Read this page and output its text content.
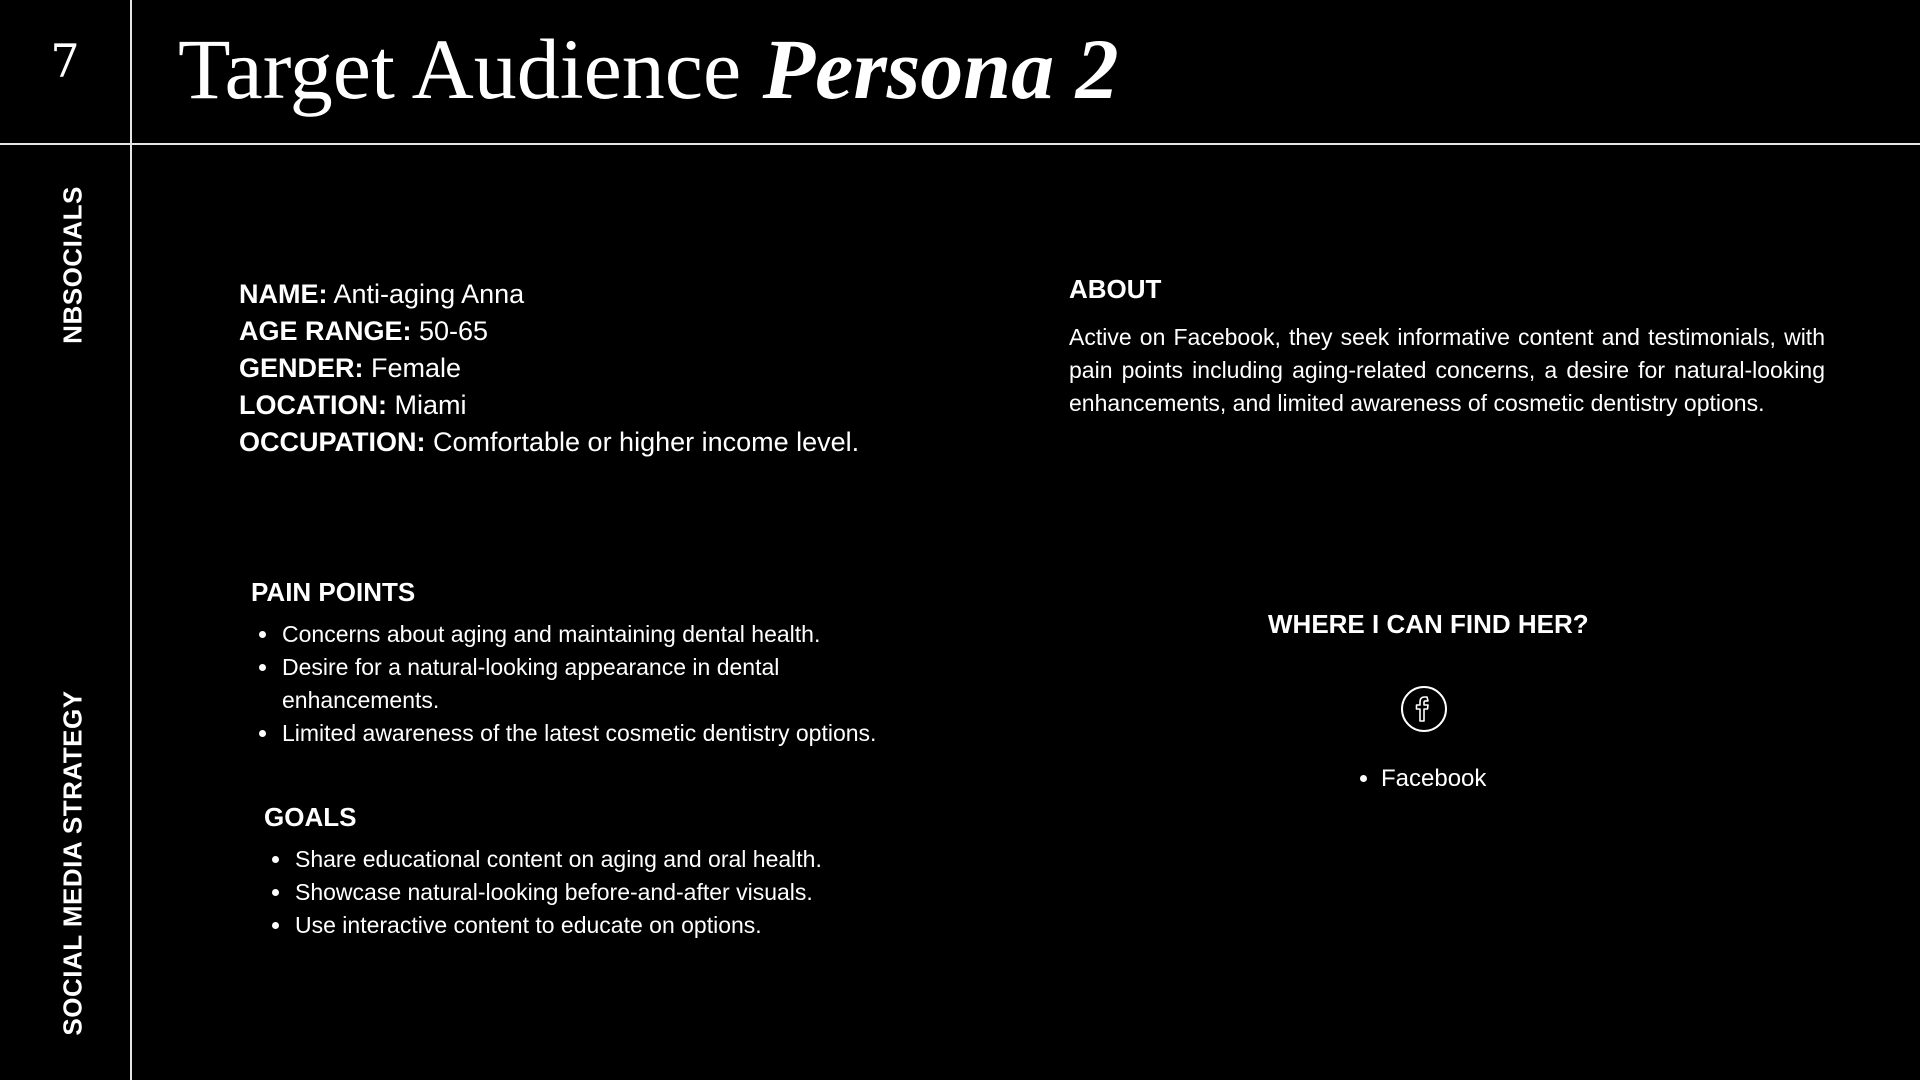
7	Target Audience Persona 2
NBSOCIALS
SOCIAL MEDIA STRATEGY
NAME: Anti-aging Anna
AGE RANGE: 50-65
GENDER: Female
LOCATION: Miami
OCCUPATION: Comfortable or higher income level.
ABOUT

Active on Facebook, they seek informative content and testimonials, with pain points including aging-related concerns, a desire for natural-looking enhancements, and limited awareness of cosmetic dentistry options.

PAIN POINTS
• Concerns about aging and maintaining dental health.
• Desire for a natural-looking appearance in dental enhancements.
• Limited awareness of the latest cosmetic dentistry options.
GOALS
• Share educational content on aging and oral health.
• Showcase natural-looking before-and-after visuals.
• Use interactive content to educate on options.
WHERE I CAN FIND HER?
• Facebook
